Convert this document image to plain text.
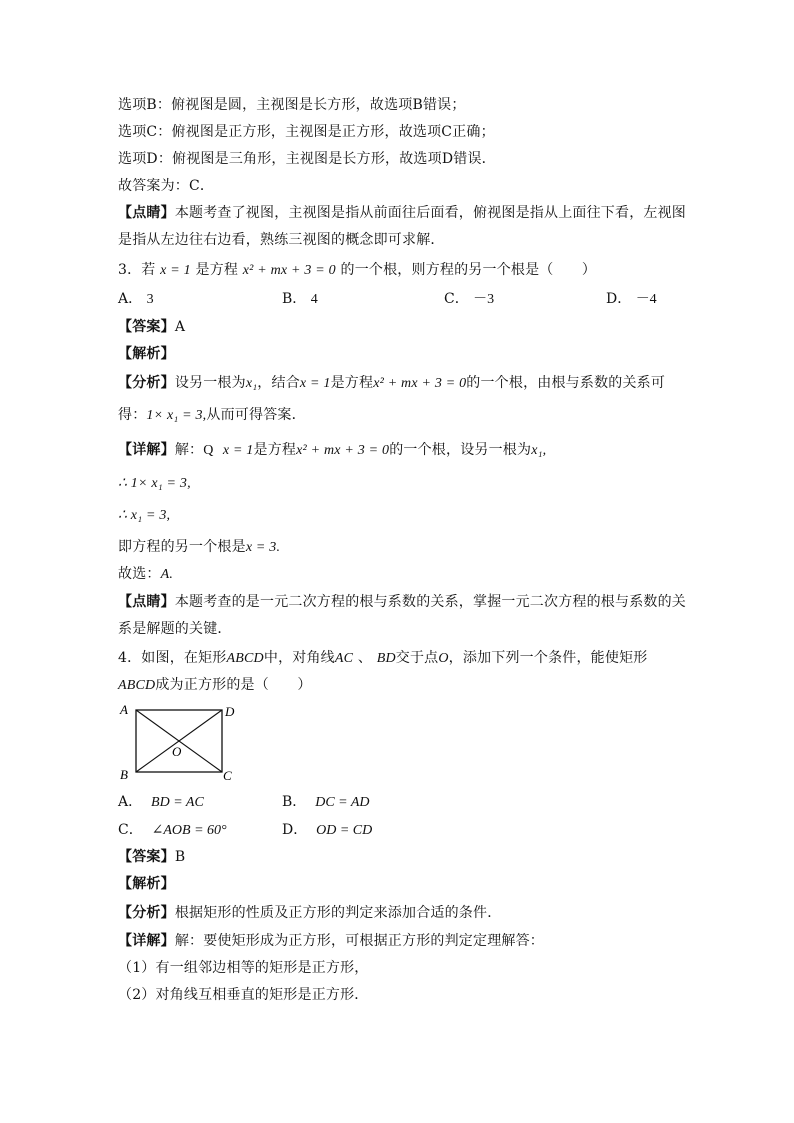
选项B：俯视图是圆，主视图是长方形，故选项B错误；
选项C：俯视图是正方形，主视图是正方形，故选项C正确；
选项D：俯视图是三角形，主视图是长方形，故选项D错误．
故答案为：C．
【点睛】本题考查了视图，主视图是指从前面往后面看，俯视图是指从上面往下看，左视图
是指从左边往右边看，熟练三视图的概念即可求解．
3．若 x = 1 是方程 x² + mx + 3 = 0 的一个根，则方程的另一个根是（　　）
A． 3	B． 4	C． －3	D． －4
【答案】A
【解析】
【分析】设另一根为x₁，结合x = 1是方程x² + mx + 3 = 0的一个根，由根与系数的关系可
得：1× x₁ = 3,从而可得答案．
【详解】解：Q x = 1是方程x² + mx + 3 = 0的一个根，设另一根为x₁,
∴ 1× x₁ = 3,
∴ x₁ = 3,
即方程的另一个根是x = 3.
故选：A.
【点睛】本题考查的是一元二次方程的根与系数的关系，掌握一元二次方程的根与系数的关
系是解题的关键．
4．如图，在矩形ABCD中，对角线AC 、 BD交于点O，添加下列一个条件，能使矩形
ABCD成为正方形的是（　　）
A	D
B	C
O
A． BD = AC	B． DC = AD
C． ∠AOB = 60°	D． OD = CD
【答案】B
【解析】
【分析】根据矩形的性质及正方形的判定来添加合适的条件．
【详解】解：要使矩形成为正方形，可根据正方形的判定定理解答：
（1）有一组邻边相等的矩形是正方形，
（2）对角线互相垂直的矩形是正方形．
